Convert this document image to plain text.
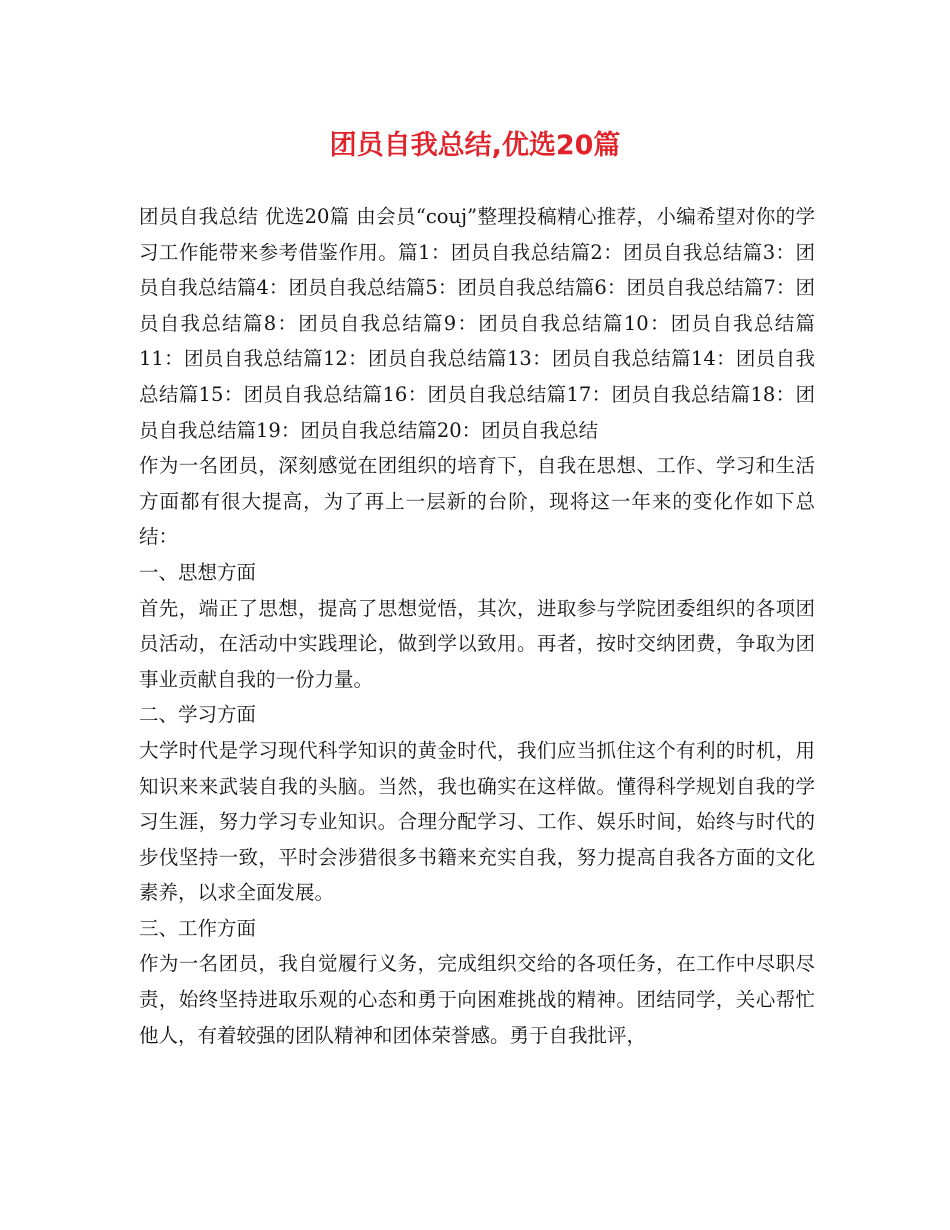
团员自我总结,优选20篇

团员自我总结 优选20篇 由会员“couj”整理投稿精心推荐，小编希望对你的学习工作能带来参考借鉴作用。篇1：团员自我总结篇2：团员自我总结篇3：团员自我总结篇4：团员自我总结篇5：团员自我总结篇6：团员自我总结篇7：团员自我总结篇8：团员自我总结篇9：团员自我总结篇10：团员自我总结篇11：团员自我总结篇12：团员自我总结篇13：团员自我总结篇14：团员自我总结篇15：团员自我总结篇16：团员自我总结篇17：团员自我总结篇18：团员自我总结篇19：团员自我总结篇20：团员自我总结

作为一名团员，深刻感觉在团组织的培育下，自我在思想、工作、学习和生活方面都有很大提高，为了再上一层新的台阶，现将这一年来的变化作如下总结：

一、思想方面

首先，端正了思想，提高了思想觉悟，其次，进取参与学院团委组织的各项团员活动，在活动中实践理论，做到学以致用。再者，按时交纳团费，争取为团事业贡献自我的一份力量。

二、学习方面

大学时代是学习现代科学知识的黄金时代，我们应当抓住这个有利的时机，用知识来来武装自我的头脑。当然，我也确实在这样做。懂得科学规划自我的学习生涯，努力学习专业知识。合理分配学习、工作、娱乐时间，始终与时代的步伐坚持一致，平时会涉猎很多书籍来充实自我，努力提高自我各方面的文化素养，以求全面发展。

三、工作方面

作为一名团员，我自觉履行义务，完成组织交给的各项任务，在工作中尽职尽责，始终坚持进取乐观的心态和勇于向困难挑战的精神。团结同学，关心帮忙他人，有着较强的团队精神和团体荣誉感。勇于自我批评，
